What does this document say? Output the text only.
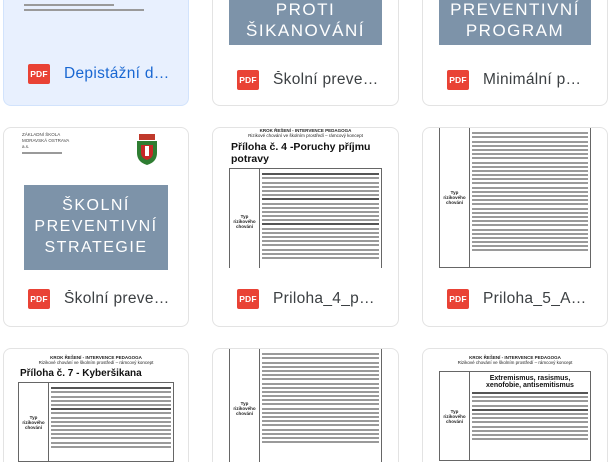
PDF Depistážní d…
PROTI
ŠIKANOVÁNÍ
PDF Školní preve…
PREVENTIVNÍ
PROGRAM
PDF Minimální p…
ZÁKLADNÍ ŠKOLA
MORAVSKÁ OSTRAVA
a.s.
ŠKOLNÍ
PREVENTIVNÍ
STRATEGIE
PDF Školní preve…
KROK ŘEŠENÍ - INTERVENCE PEDAGOGA
Rizikové chování ve školním prostředí – rámcový koncept
Příloha č. 4 -Poruchy příjmu potravy
Typ rizikového chování
PDF Priloha_4_p…
Typ rizikového chování
PDF Priloha_5_A…
KROK ŘEŠENÍ - INTERVENCE PEDAGOGA
Rizikové chování ve školním prostředí – rámcový koncept
Příloha č. 7 - Kyberšikana
Typ rizikového chování
Typ rizikového chování
KROK ŘEŠENÍ - INTERVENCE PEDAGOGA
Rizikové chování ve školním prostředí – rámcový koncept
Typ rizikového chování
Extremismus, rasismus, xenofobie, antisemitismus
